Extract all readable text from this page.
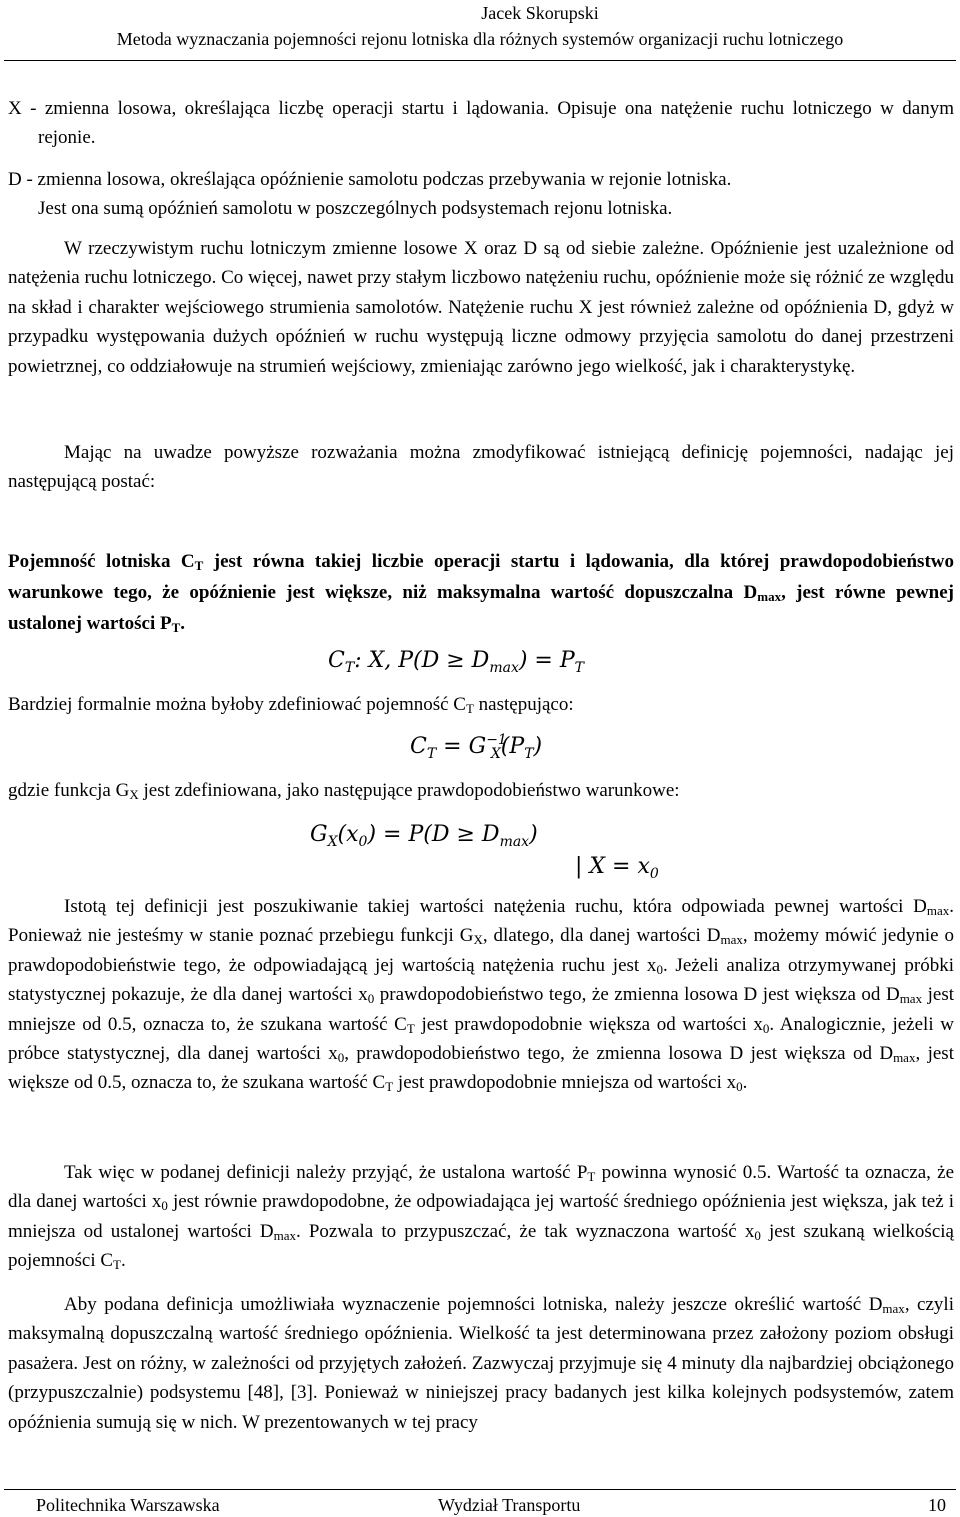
Jacek Skorupski
Metoda wyznaczania pojemności rejonu lotniska dla różnych systemów organizacji ruchu lotniczego
X - zmienna losowa, określająca liczbę operacji startu i lądowania. Opisuje ona natężenie ruchu lotniczego w danym rejonie.
D - zmienna losowa, określająca opóźnienie samolotu podczas przebywania w rejonie lotniska.
Jest ona sumą opóźnień samolotu w poszczególnych podsystemach rejonu lotniska.
W rzeczywistym ruchu lotniczym zmienne losowe X oraz D są od siebie zależne. Opóźnienie jest uzależnione od natężenia ruchu lotniczego. Co więcej, nawet przy stałym liczbowo natężeniu ruchu, opóźnienie może się różnić ze względu na skład i charakter wejściowego strumienia samolotów. Natężenie ruchu X jest również zależne od opóźnienia D, gdyż w przypadku występowania dużych opóźnień w ruchu występują liczne odmowy przyjęcia samolotu do danej przestrzeni powietrznej, co oddziałowuje na strumień wejściowy, zmieniając zarówno jego wielkość, jak i charakterystykę.
Mając na uwadze powyższe rozważania można zmodyfikować istniejącą definicję pojemności, nadając jej następującą postać:
Pojemność lotniska $C_T$ jest równa takiej liczbie operacji startu i lądowania, dla której prawdopodobieństwo warunkowe tego, że opóźnienie jest większe, niż maksymalna wartość dopuszczalna $D_{max}$, jest równe pewnej ustalonej wartości $P_T$.
$C_T$: X, $P(D \ge D_{max}) = P_T$
Bardziej formalnie można byłoby zdefiniować pojemność $C_T$ następująco:
$C_T = G^{-1}_X(P_T)$
gdzie funkcja $G_X$ jest zdefiniowana, jako następujące prawdopodobieństwo warunkowe:
$G_X(x_0) = P(D \ge D_{max})$
| $X = x_0$
Istotą tej definicji jest poszukiwanie takiej wartości natężenia ruchu, która odpowiada pewnej wartości $D_{max}$. Ponieważ nie jesteśmy w stanie poznać przebiegu funkcji $G_X$, dlatego, dla danej wartości $D_{max}$, możemy mówić jedynie o prawdopodobieństwie tego, że odpowiadającą jej wartością natężenia ruchu jest $x_0$. Jeżeli analiza otrzymywanej próbki statystycznej pokazuje, że dla danej wartości $x_0$ prawdopodobieństwo tego, że zmienna losowa D jest większa od $D_{max}$ jest mniejsze od 0.5, oznacza to, że szukana wartość $C_T$ jest prawdopodobnie większa od wartości $x_0$. Analogicznie, jeżeli w próbce statystycznej, dla danej wartości $x_0$, prawdopodobieństwo tego, że zmienna losowa D jest większa od $D_{max}$, jest większe od 0.5, oznacza to, że szukana wartość $C_T$ jest prawdopodobnie mniejsza od wartości $x_0$.
Tak więc w podanej definicji należy przyjąć, że ustalona wartość $P_T$ powinna wynosić 0.5. Wartość ta oznacza, że dla danej wartości $x_0$ jest równie prawdopodobne, że odpowiadająca jej wartość średniego opóźnienia jest większa, jak też i mniejsza od ustalonej wartości $D_{max}$. Pozwala to przypuszczać, że tak wyznaczona wartość $x_0$ jest szukaną wielkością pojemności $C_T$.
Aby podana definicja umożliwiała wyznaczenie pojemności lotniska, należy jeszcze określić wartość $D_{max}$, czyli maksymalną dopuszczalną wartość średniego opóźnienia. Wielkość ta jest determinowana przez założony poziom obsługi pasażera. Jest on różny, w zależności od przyjętych założeń. Zazwyczaj przyjmuje się 4 minuty dla najbardziej obciążonego (przypuszczalnie) podsystemu [48], [3]. Ponieważ w niniejszej pracy badanych jest kilka kolejnych podsystemów, zatem opóźnienia sumują się w nich. W prezentowanych w tej pracy
Politechnika Warszawska	Wydział Transportu	10
